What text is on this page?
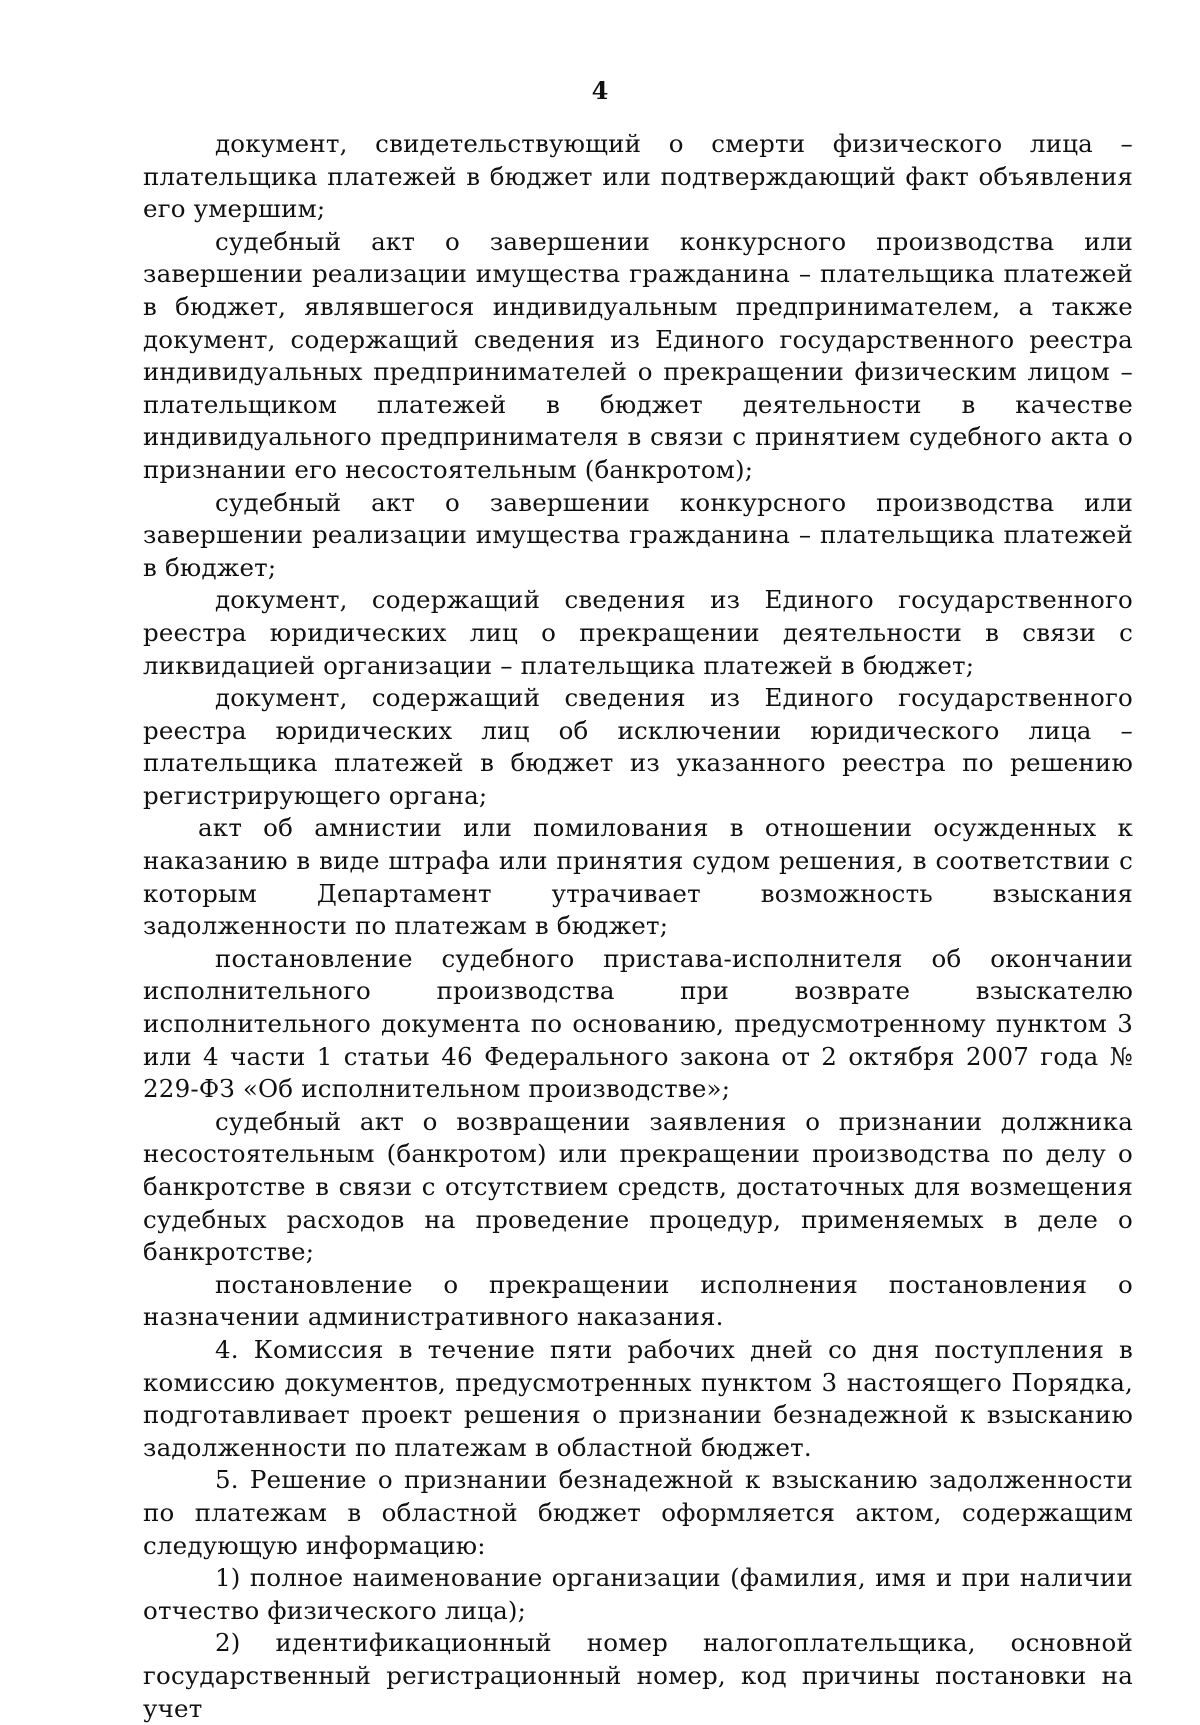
4

документ, свидетельствующий о смерти физического лица – плательщика платежей в бюджет или подтверждающий факт объявления его умершим;

судебный акт о завершении конкурсного производства или завершении реализации имущества гражданина – плательщика платежей в бюджет, являвшегося индивидуальным предпринимателем, а также документ, содержащий сведения из Единого государственного реестра индивидуальных предпринимателей о прекращении физическим лицом – плательщиком платежей в бюджет деятельности в качестве индивидуального предпринимателя в связи с принятием судебного акта о признании его несостоятельным (банкротом);

судебный акт о завершении конкурсного производства или завершении реализации имущества гражданина – плательщика платежей в бюджет;

документ, содержащий сведения из Единого государственного реестра юридических лиц о прекращении деятельности в связи с ликвидацией организации – плательщика платежей в бюджет;

документ, содержащий сведения из Единого государственного реестра юридических лиц об исключении юридического лица – плательщика платежей в бюджет из указанного реестра по решению регистрирующего органа;

акт об амнистии или помилования в отношении осужденных к наказанию в виде штрафа или принятия судом решения, в соответствии с которым Департамент утрачивает возможность взыскания задолженности по платежам в бюджет;

постановление судебного пристава-исполнителя об окончании исполнительного производства при возврате взыскателю исполнительного документа по основанию, предусмотренному пунктом 3 или 4 части 1 статьи 46 Федерального закона от 2 октября 2007 года № 229-ФЗ «Об исполнительном производстве»;

судебный акт о возвращении заявления о признании должника несостоятельным (банкротом) или прекращении производства по делу о банкротстве в связи с отсутствием средств, достаточных для возмещения судебных расходов на проведение процедур, применяемых в деле о банкротстве;

постановление о прекращении исполнения постановления о назначении административного наказания.

4. Комиссия в течение пяти рабочих дней со дня поступления в комиссию документов, предусмотренных пунктом 3 настоящего Порядка, подготавливает проект решения о признании безнадежной к взысканию задолженности по платежам в областной бюджет.

5. Решение о признании безнадежной к взысканию задолженности по платежам в областной бюджет оформляется актом, содержащим следующую информацию:

1) полное наименование организации (фамилия, имя и при наличии отчество физического лица);

2) идентификационный номер налогоплательщика, основной государственный регистрационный номер, код причины постановки на учет
